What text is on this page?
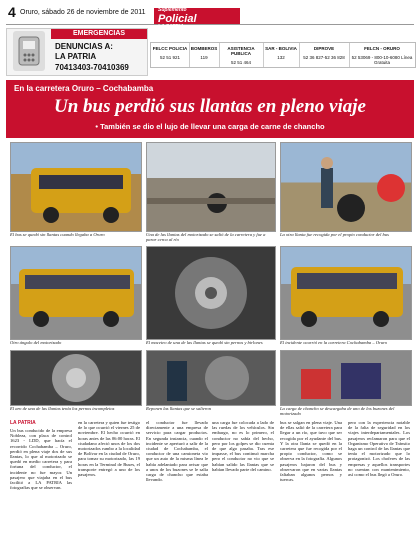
4 Oruro, sábado 26 de noviembre de 2011 Suplemento
Policial
LA PATRIA
EMERGENCIAS
DENUNCIAS A:
LA PATRIA
70413403-70410369
FELCC POLICIA
52 51 921
BOMBEROS
119
ASISTENCIA PUBLICA
52 51 464
SAR - BOLIVIA
132
DIPROVE
52 36 827-52 36 828
FELCN - ORURO
52 53069 - 800-10-6080 Línea Gratuita
En la carretera Oruro – Cochabamba
Un bus perdió sus llantas en pleno viaje
• También se dio el lujo de llevar una carga de carne de chancho
El bus se quedó sin llantas cuando llegaba a Oruro	Una de las llantas del motorizado se salió de la carretera y fue a parar cerca al río
La otra llanta fue recogida por el propio conductor del bus
Otro ángulo del motorizado	El maceteo de una de las llantas se quedó sin pernos y birlones	El incidente ocurrió en la carretera Cochabamba – Oruro
El aro de una de las llantas tenía los pernos incompletos	Reponen las llantas que se salieron	La carga de chancho se descargaba de uno de los buzones del motorizado
LA PATRIA
Un bus conducido de la empresa Nobleza, con placa de control 1623 - LDD, que hacía el recorrido Cochabamba – Oruro, perdió en plena viaje dos de sus llantas, lo que al motorizado se quedó en medio carretera y para fortuna del conductor, el incidente no fue mayor. Un pasajero que viajaba en el bus facilitó a LA PATRIA las fotografías que se observan.
en la carretera y quien fue testigo de lo que ocurrió el viernes 25 de noviembre. El hecho ocurrió en horas antes de las 06:00 horas. El ciudadano afectó unos de los dos motorizados rumbo a la localidad de Bolívar en la ciudad de Oruro, para tomar su motorizado, las 19 horas en la Terminal de Buses, el transporte entregó a uno de los pasajeros.
el conductor fue llevado directamente a una empresa de servicio para cargar productos. En segunda instancia, cuando el incidente se aperturó a salir de la ciudad de Cochabamba, el conductor de una camioneta vio que un auto de la misma línea le había adelantado para avisar que a unos de los buzones se le salía carga de chancho que estaba llevando.
una carga fue colocada a lado de las ruedas de los vehículos. Sin embargo, no es lo primero, el conductor no sabía del hecho, pero por los golpes se dio cuenta de que algo pasaba. Tras ese impasse, el bus continuó marcha pero el conductor no vio que se habían salido las llantas que se habían llevado parte del camino.
bus se salgan en plena viaje. Una de ellas salió de la carretera para llegar a un río, que tuvo que ser recogida por el ayudante del bus. Y la otra llanta se quedó en la carretera que fue recogida por el propio conductor, como se observa en la fotografía. Algunos pasajeros bajaron del bus y observaron que en varias llantas faltaban algunos pernos y tuercas.
pero con la experiencia notable de la falta de seguridad en los viajes interdepartamentales. Los pasajeros reclamaron para que el Organismo Operativo de Tránsito haga un control de las llantas que tenía el motorizado que lo protagonizó. Los choferes de las empresas y aquellos transportes no cuentan con mantenimiento, así como el bus llegó a Oruro.
